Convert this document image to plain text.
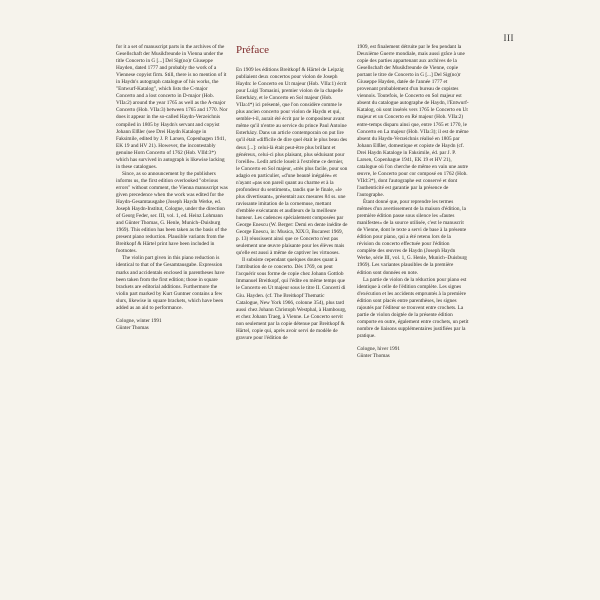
III

for it a set of manuscript parts in the archives of the Gesellschaft der Musikfreunde in Vienna under the title Concerto in G [...] Del Sig(no)r Giuseppe Hayden, dated 1777 and probably the work of a Viennese copyist firm. Still, there is no mention of it in Haydn's autograph catalogue of his works, the "Entwurf-Katalog", which lists the C-major Concerto and a lost concerto in D-major (Hob. VIIa:2) around the year 1765 as well as the A-major Concerto (Hob. VIIa:3) between 1765 and 1770. Nor does it appear in the so-called Haydn-Verzeichnis compiled in 1805 by Haydn's servant and copyist Johann Elßler (see Drei Haydn Kataloge in Faksimile, edited by J. P. Larsen, Copenhagen 1941, EK 19 and HV 21). However, the incontestably genuine Horn Concerto of 1762 (Hob. VIId:3*) which has survived in autograph is likewise lacking in these catalogues.

Since, as so announcement by the publishers informs us, the first edition overlooked "obvious errors" without comment, the Vienna manuscript was given precedence when the work was edited for the Haydn-Gesamtausgabe (Joseph Haydn Werke, ed. Joseph Haydn-Institut, Cologne, under the direction of Georg Feder, ser. III, vol. 1, ed. Heinz Lohmann and Günter Thomas, G. Henle, Munich–Duisburg 1969). This edition has been taken as the basis of the present piano reduction. Plausible variants from the Breitkopf & Härtel print have been included in footnotes.

The violin part given in this piano reduction is identical to that of the Gesamtausgabe. Expression marks and accidentals enclosed in parentheses have been taken from the first edition; those in square brackets are editorial additions. Furthermore the violin part marked by Kurt Guntner contains a few slurs, likewise in square brackets, which have been added as an aid to performance.

Cologne, winter 1991
Günter Thomas
Préface

En 1909 les éditions Breitkopf & Härtel de Leipzig publiaient deux concertos pour violon de Joseph Haydn: le Concerto en Ut majeur (Hob. VIIa:1) écrit pour Luigi Tomasini, premier violon de la chapelle Esterházy, et le Concerto en Sol majeur (Hob. VIIa:4*) ici présenté, que l'on considère comme le plus ancien concerto pour violon de Haydn et qui, semble-t-il, aurait été écrit par le compositeur avant même qu'il n'entre au service du prince Paul Antoine Esterházy. Dans un article contemporain on put lire qu'il était «difficile de dire quel était le plus beau des deux [...]: celui-là était peut-être plus brillant et généreux, celui-ci plus plaisant, plus séduisant pour l'oreille». Ledit article loueit à l'extrême ce dernier, le Concerto en Sol majeur, «très plus facile, pour son adagio en particulier, «d'une beauté inégalée» et n'ayant «pas son pareil quant au charme et à la profondeur du sentiment», tandis que le finale, «le plus divertissant», présentait aux mesures 84 ss. une ravissante imitation de la cornemuse, mettant d'emblée exécutants et auditeurs de la meilleure humeur. Les cadences spécialement composées par George Enescu (W. Berger: Demi en dente inédite de George Enescu, in: Musica, XIX/3, Bucarest 1969, p. 13) réussissent ainsi que ce Concerto n'est pas seulement une œuvre plaisante pour les élèves mais qu'elle est aussi à même de captiver les virtuoses.

Il subsiste cependant quelques doutes quant à l'attribution de ce concerto. Dès 1769, on peut l'acquérir sous forme de copie chez Johann Gottlob Immanuel Breitkopf, qui l'édite en même temps que le Concerto en Ut majeur sous le titre II. Concerti di Giu. Hayden. (cf. The Breitkopf Thematic Catalogue, New York 1966, colonne 354), plus tard aussi chez Johann Christoph Westphal, à Hambourg, et chez Johann Traeg, à Vienne. Le Concerto servit non seulement par la copie détenue par Breitkopf & Härtel, copie qui, après avoir servi de modèle de gravure pour l'édition de

1909, est finalement détruite par le feu pendant la Deuxième Guerre mondiale, mais aussi grâce à une copie des parties appartenant aux archives de la Gesellschaft der Musikfreunde de Vienne, copie portant le titre de Concerto in G [...] Del Sig(no)r Giuseppe Hayden, datée de l'année 1777 et provenant probablement d'un bureau de copistes viennois. Toutefois, le Concerto en Sol majeur est absent du catalogue autographe de Haydn, l'Entwurf-Katalog, où sont insérés vers 1765 le Concerto en Ut majeur et un Concerto en Ré majeur (Hob. VIIa:2) entre-temps disparu ainsi que, entre 1765 et 1770, le Concerto en La majeur (Hob. VIIa:3); il est de même absent du Haydn-Verzeichnis réalisé en 1805 par Johann Elßler, domestique et copiste de Haydn (cf. Drei Haydn Kataloge in Faksimile, éd. par J. P. Larsen, Copenhague 1941, EK 19 et HV 21), catalogue où l'on cherche de même en vain une autre œuvre, le Concerto pour cor composé en 1762 (Hob. VIId:3*), dont l'autographe est conservé et dont l'authenticité est garantie par la présence de l'autographe.

Étant donné que, pour reprendre les termes mêmes d'un avertissement de la maison d'édition, la première édition passe sous silence les «fautes manifestes» de la source utilisée, c'est le manuscrit de Vienne, dont le texte a servi de base à la présente édition pour piano, qui a été retenu lors de la révision du concerto effectuée pour l'édition complète des œuvres de Haydn (Joseph Haydn Werke, série III, vol. 1, G. Henle, Munich–Duisburg 1969). Les variantes plausibles de la première édition sont données en note.

La partie de violon de la réduction pour piano est identique à celle de l'édition complète. Les signes d'exécution et les accidents empruntés à la première édition sont placés entre parenthèses, les signes rajoutés par l'éditeur se trouvent entre crochets. La partie de violon doigtée de la présente édition comporte en outre, également entre crochets, un petit nombre de liaisons supplémentaires justifiées par la pratique.

Cologne, hiver 1991
Günter Thomas
